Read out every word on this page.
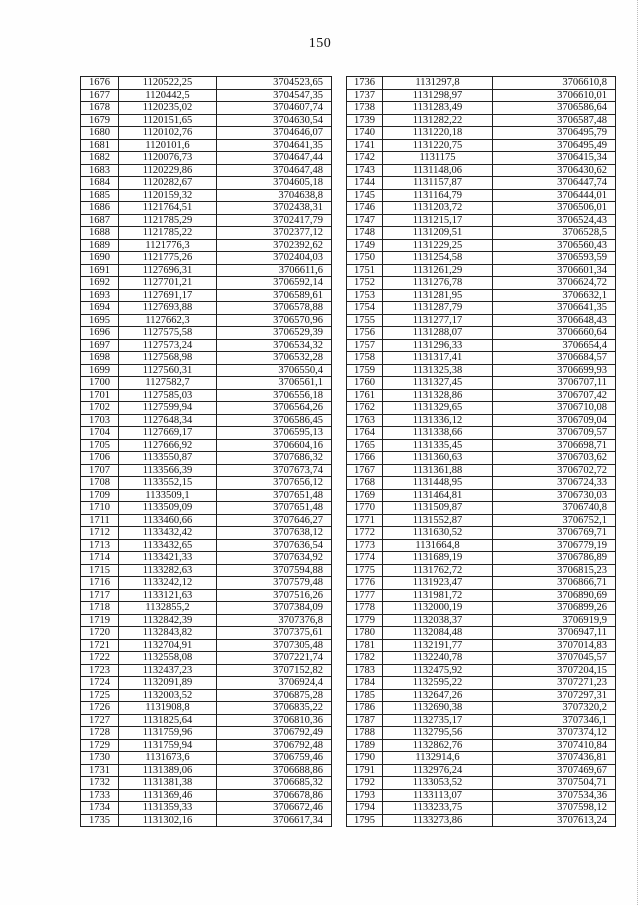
150
1676	1120522,25	3704523,65
1677	1120442,5	3704547,35
1678	1120235,02	3704607,74
1679	1120151,65	3704630,54
1680	1120102,76	3704646,07
1681	1120101,6	3704641,35
1682	1120076,73	3704647,44
1683	1120229,86	3704647,48
1684	1120282,67	3704605,18
1685	1120159,32	3704638,8
1686	1121764,51	3702438,31
1687	1121785,29	3702417,79
1688	1121785,22	3702377,12
1689	1121776,3	3702392,62
1690	1121775,26	3702404,03
1691	1127696,31	3706611,6
1692	1127701,21	3706592,14
1693	1127691,17	3706589,61
1694	1127693,88	3706578,88
1695	1127662,3	3706570,96
1696	1127575,58	3706529,39
1697	1127573,24	3706534,32
1698	1127568,98	3706532,28
1699	1127560,31	3706550,4
1700	1127582,7	3706561,1
1701	1127585,03	3706556,18
1702	1127599,94	3706564,26
1703	1127648,34	3706586,45
1704	1127669,17	3706595,13
1705	1127666,92	3706604,16
1706	1133550,87	3707686,32
1707	1133566,39	3707673,74
1708	1133552,15	3707656,12
1709	1133509,1	3707651,48
1710	1133509,09	3707651,48
1711	1133460,66	3707646,27
1712	1133432,42	3707638,12
1713	1133432,65	3707636,54
1714	1133421,33	3707634,92
1715	1133282,63	3707594,88
1716	1133242,12	3707579,48
1717	1133121,63	3707516,26
1718	1132855,2	3707384,09
1719	1132842,39	3707376,8
1720	1132843,82	3707375,61
1721	1132704,91	3707305,48
1722	1132558,08	3707221,74
1723	1132437,23	3707152,82
1724	1132091,89	3706924,4
1725	1132003,52	3706875,28
1726	1131908,8	3706835,22
1727	1131825,64	3706810,36
1728	1131759,96	3706792,49
1729	1131759,94	3706792,48
1730	1131673,6	3706759,46
1731	1131389,06	3706688,86
1732	1131381,38	3706685,32
1733	1131369,46	3706678,86
1734	1131359,33	3706672,46
1735	1131302,16	3706617,34
1736	1131297,8	3706610,8
1737	1131298,97	3706610,01
1738	1131283,49	3706586,64
1739	1131282,22	3706587,48
1740	1131220,18	3706495,79
1741	1131220,75	3706495,49
1742	1131175	3706415,34
1743	1131148,06	3706430,62
1744	1131157,87	3706447,74
1745	1131164,79	3706444,01
1746	1131203,72	3706506,01
1747	1131215,17	3706524,43
1748	1131209,51	3706528,5
1749	1131229,25	3706560,43
1750	1131254,58	3706593,59
1751	1131261,29	3706601,34
1752	1131276,78	3706624,72
1753	1131281,95	3706632,1
1754	1131287,79	3706641,35
1755	1131277,17	3706648,43
1756	1131288,07	3706660,64
1757	1131296,33	3706654,4
1758	1131317,41	3706684,57
1759	1131325,38	3706699,93
1760	1131327,45	3706707,11
1761	1131328,86	3706707,42
1762	1131329,65	3706710,08
1763	1131336,12	3706709,04
1764	1131338,66	3706709,57
1765	1131335,45	3706698,71
1766	1131360,63	3706703,62
1767	1131361,88	3706702,72
1768	1131448,95	3706724,33
1769	1131464,81	3706730,03
1770	1131509,87	3706740,8
1771	1131552,87	3706752,1
1772	1131630,52	3706769,71
1773	1131664,8	3706779,19
1774	1131689,19	3706786,89
1775	1131762,72	3706815,23
1776	1131923,47	3706866,71
1777	1131981,72	3706890,69
1778	1132000,19	3706899,26
1779	1132038,37	3706919,9
1780	1132084,48	3706947,11
1781	1132191,77	3707014,83
1782	1132240,78	3707045,57
1783	1132475,92	3707204,15
1784	1132595,22	3707271,23
1785	1132647,26	3707297,31
1786	1132690,38	3707320,2
1787	1132735,17	3707346,1
1788	1132795,56	3707374,12
1789	1132862,76	3707410,84
1790	1132914,6	3707436,81
1791	1132976,24	3707469,67
1792	1133053,52	3707504,71
1793	1133113,07	3707534,36
1794	1133233,75	3707598,12
1795	1133273,86	3707613,24
